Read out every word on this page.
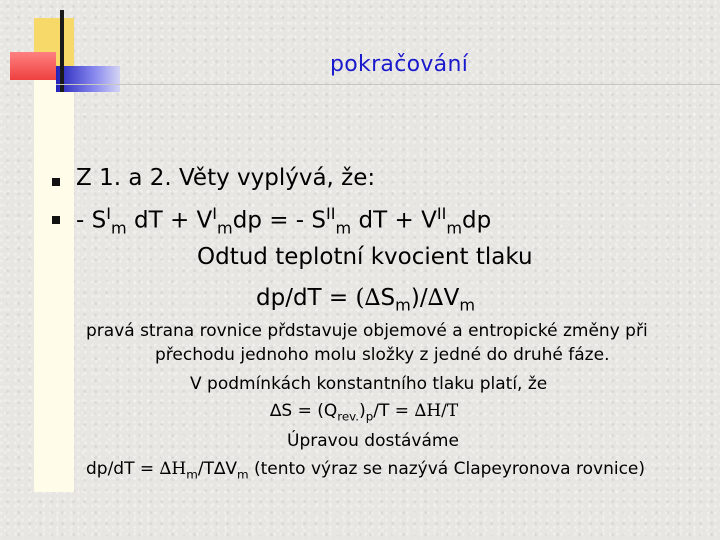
pokračování
Z 1. a 2. Věty vyplývá, že:
- $S^I_m$ dT + $V^I_mdp$ = - $S^{II}_m$ dT + $V^{II}_mdp$
Odtud teplotní kvocient tlaku
$dp/dT = (\Delta S_m)/\Delta V_m$
pravá strana rovnice přdstavuje objemové a entropické změny při
přechodu jednoho molu složky z jedné do druhé fáze.
V podmínkách konstantního tlaku platí, že
$\Delta S = (Q_{rev.})_p/T = \Delta H/T$
Úpravou dostáváme
$dp/dT = \Delta H_m/T\Delta V_m$ (tento výraz se nazývá Clapeyronova rovnice)
